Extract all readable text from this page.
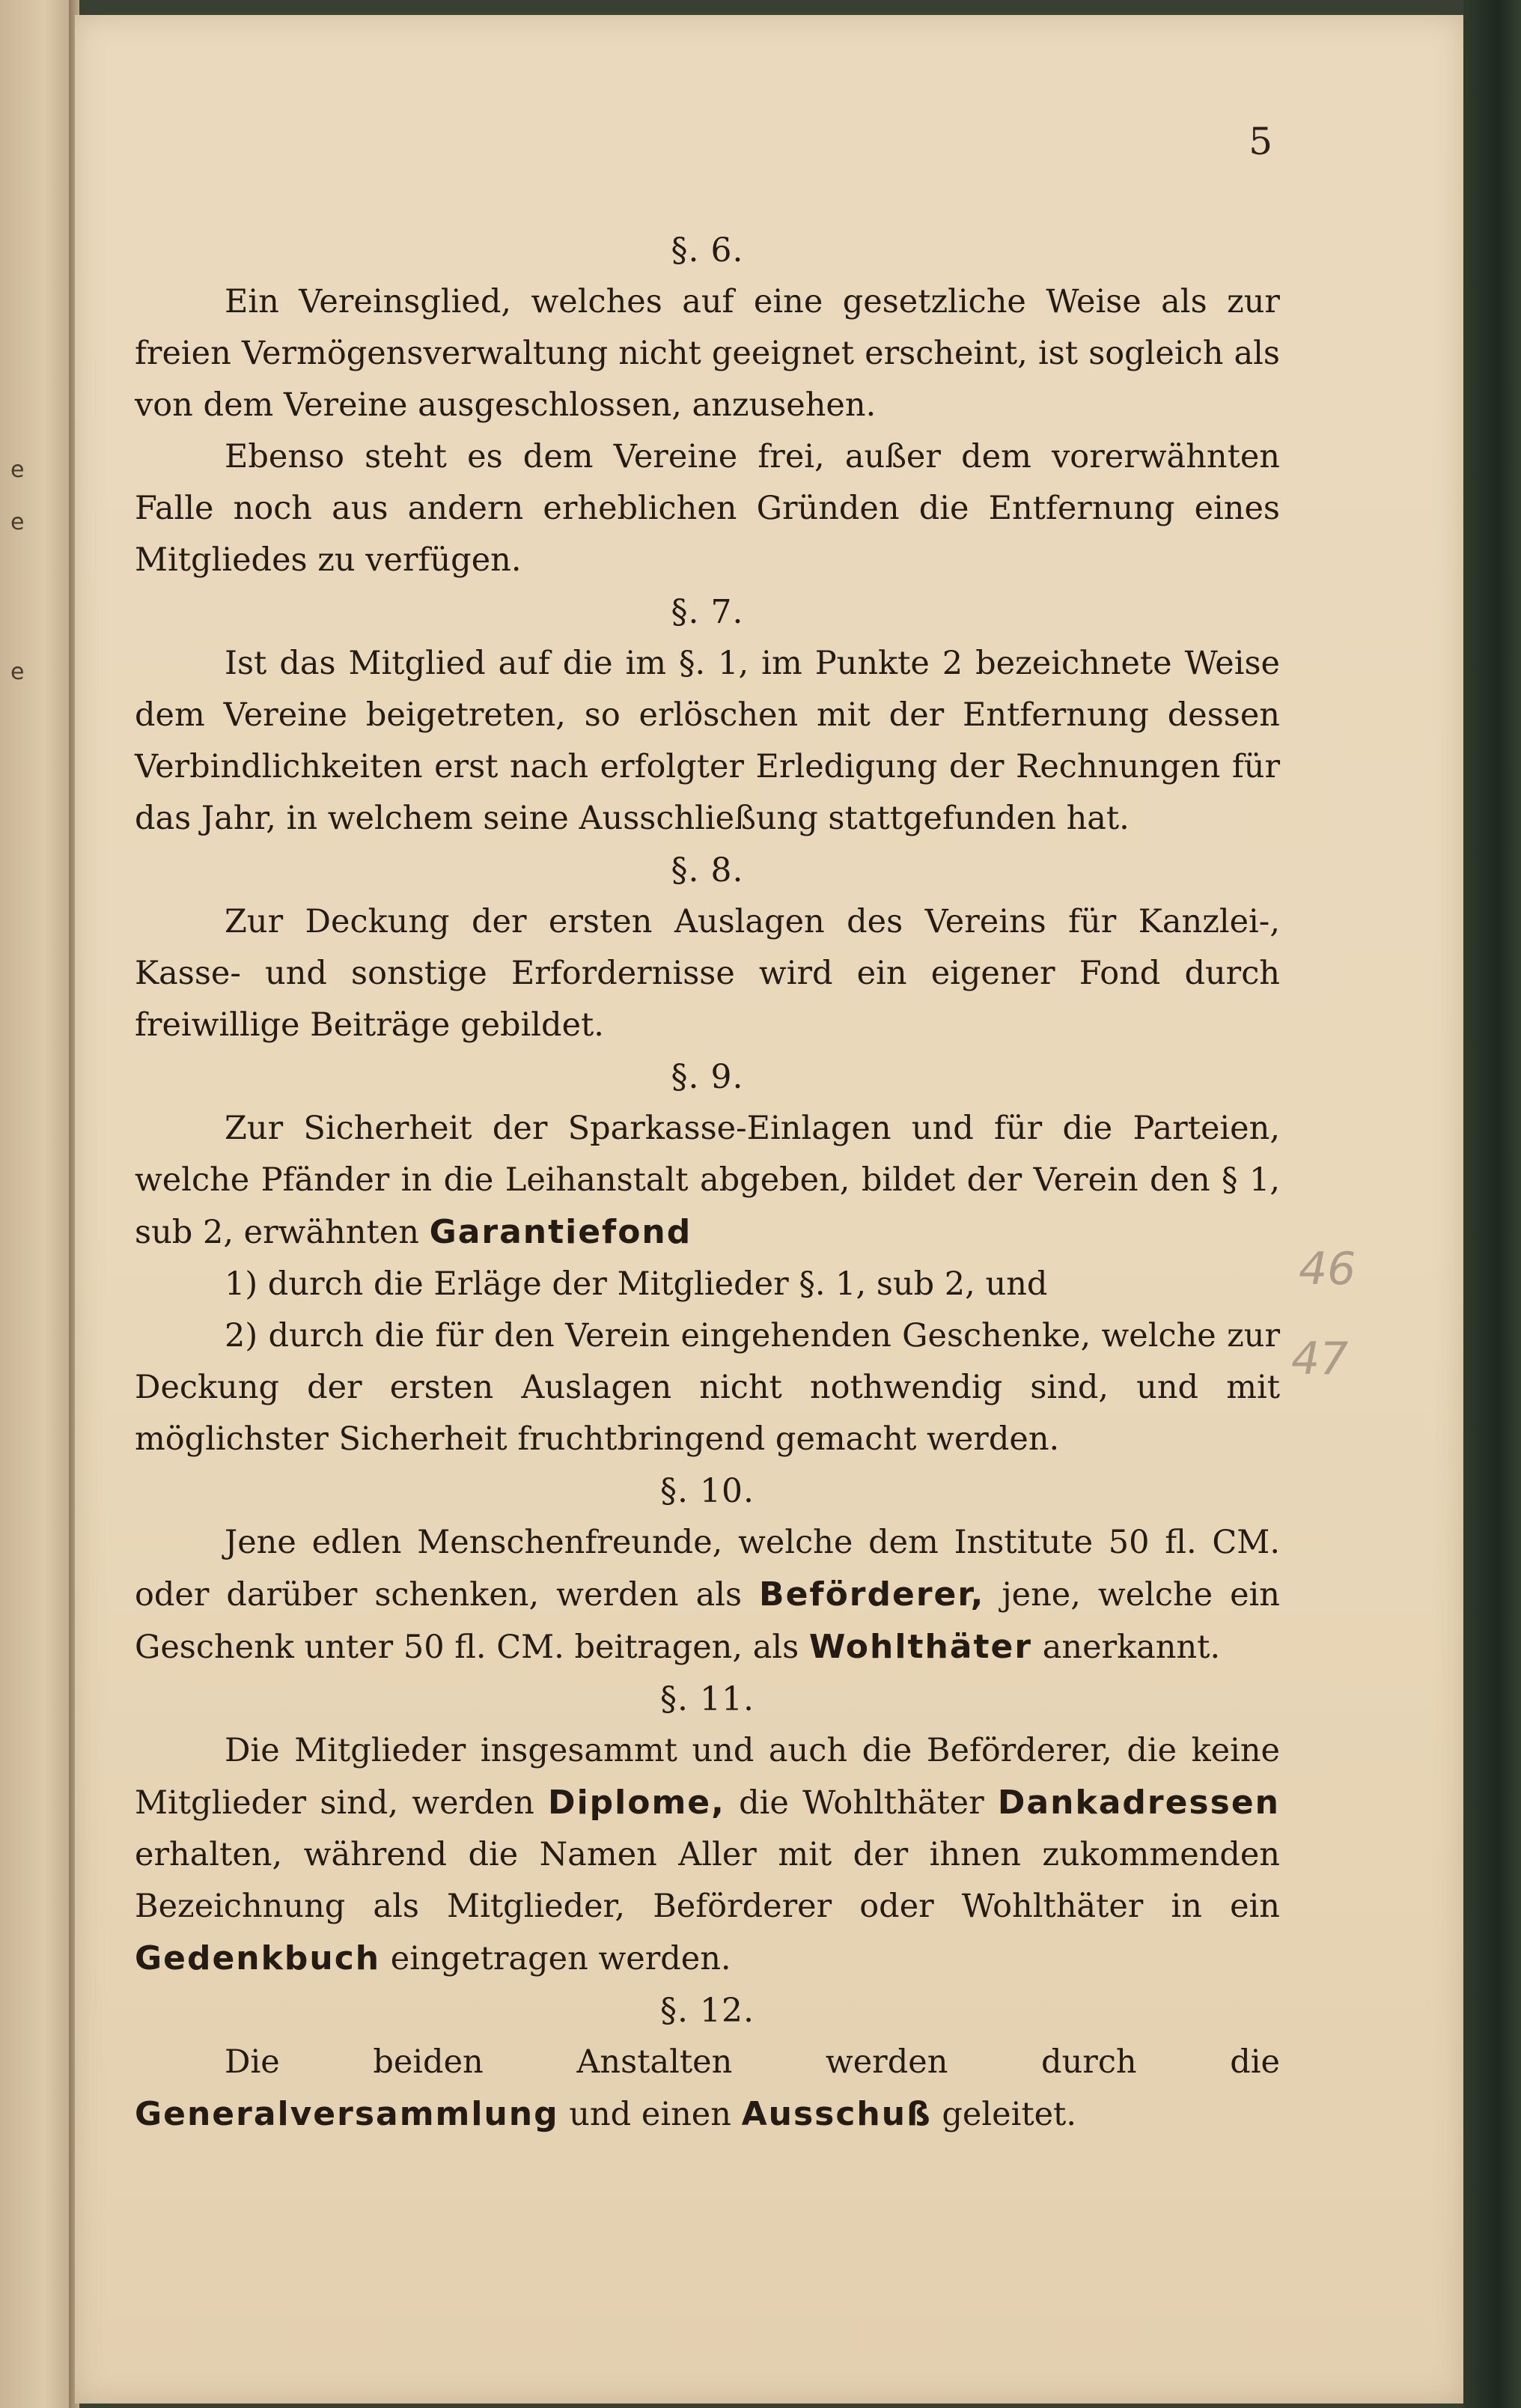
e
e
e
5
46
47
§. 6.

Ein Vereinsglied, welches auf eine gesetzliche Weise als zur freien Vermögensverwaltung nicht geeignet erscheint, ist sogleich als von dem Vereine ausgeschlossen, anzusehen.

Ebenso steht es dem Vereine frei, außer dem vorerwähnten Falle noch aus andern erheblichen Gründen die Entfernung eines Mitgliedes zu verfügen.

§. 7.

Ist das Mitglied auf die im §. 1, im Punkte 2 bezeichnete Weise dem Vereine beigetreten, so erlöschen mit der Entfernung dessen Verbindlichkeiten erst nach erfolgter Erledigung der Rechnungen für das Jahr, in welchem seine Ausschließung stattgefunden hat.

§. 8.

Zur Deckung der ersten Auslagen des Vereins für Kanzlei-, Kasse- und sonstige Erfordernisse wird ein eigener Fond durch freiwillige Beiträge gebildet.

§. 9.

Zur Sicherheit der Sparkasse-Einlagen und für die Parteien, welche Pfänder in die Leihanstalt abgeben, bildet der Verein den § 1, sub 2, erwähnten Garantiefond

1) durch die Erläge der Mitglieder §. 1, sub 2, und

2) durch die für den Verein eingehenden Geschenke, welche zur Deckung der ersten Auslagen nicht nothwendig sind, und mit möglichster Sicherheit fruchtbringend gemacht werden.

§. 10.

Jene edlen Menschenfreunde, welche dem Institute 50 fl. CM. oder darüber schenken, werden als Beförderer, jene, welche ein Geschenk unter 50 fl. CM. beitragen, als Wohlthäter anerkannt.

§. 11.

Die Mitglieder insgesammt und auch die Beförderer, die keine Mitglieder sind, werden Diplome, die Wohlthäter Dankadressen erhalten, während die Namen Aller mit der ihnen zukommenden Bezeichnung als Mitglieder, Beförderer oder Wohlthäter in ein Gedenkbuch eingetragen werden.

§. 12.

Die beiden Anstalten werden durch die Generalversammlung und einen Ausschuß geleitet.
